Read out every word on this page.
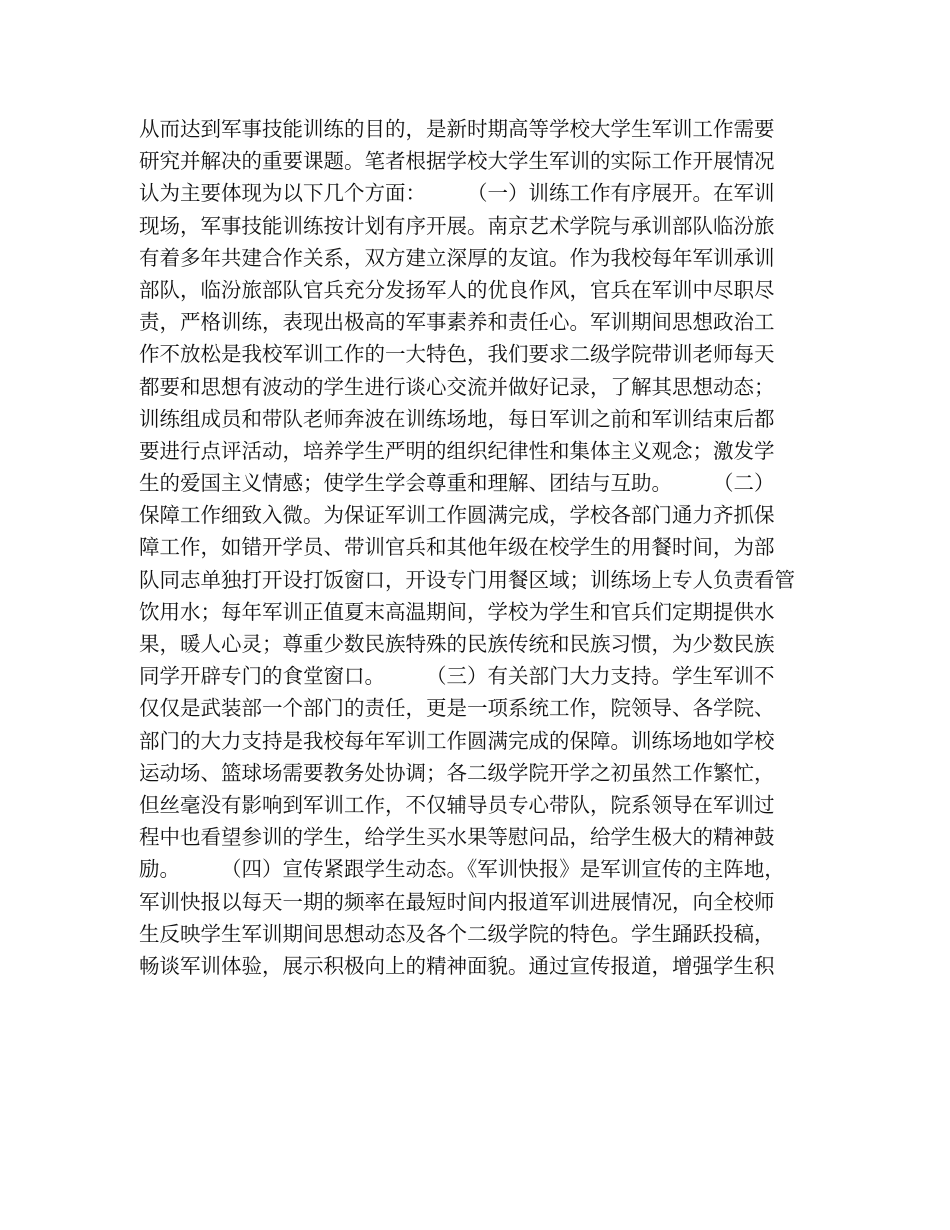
从而达到军事技能训练的目的，是新时期高等学校大学生军训工作需要
研究并解决的重要课题。笔者根据学校大学生军训的实际工作开展情况
认为主要体现为以下几个方面：　　　（一）训练工作有序展开。在军训
现场，军事技能训练按计划有序开展。南京艺术学院与承训部队临汾旅
有着多年共建合作关系，双方建立深厚的友谊。作为我校每年军训承训
部队，临汾旅部队官兵充分发扬军人的优良作风，官兵在军训中尽职尽
责，严格训练，表现出极高的军事素养和责任心。军训期间思想政治工
作不放松是我校军训工作的一大特色，我们要求二级学院带训老师每天
都要和思想有波动的学生进行谈心交流并做好记录，了解其思想动态；
训练组成员和带队老师奔波在训练场地，每日军训之前和军训结束后都
要进行点评活动，培养学生严明的组织纪律性和集体主义观念；激发学
生的爱国主义情感；使学生学会尊重和理解、团结与互助。　　　（二）
保障工作细致入微。为保证军训工作圆满完成，学校各部门通力齐抓保
障工作，如错开学员、带训官兵和其他年级在校学生的用餐时间，为部
队同志单独打开设打饭窗口，开设专门用餐区域；训练场上专人负责看管
饮用水；每年军训正值夏末高温期间，学校为学生和官兵们定期提供水
果，暖人心灵；尊重少数民族特殊的民族传统和民族习惯，为少数民族
同学开辟专门的食堂窗口。　　　（三）有关部门大力支持。学生军训不
仅仅是武装部一个部门的责任，更是一项系统工作，院领导、各学院、
部门的大力支持是我校每年军训工作圆满完成的保障。训练场地如学校
运动场、篮球场需要教务处协调；各二级学院开学之初虽然工作繁忙，
但丝毫没有影响到军训工作，不仅辅导员专心带队，院系领导在军训过
程中也看望参训的学生，给学生买水果等慰问品，给学生极大的精神鼓
励。　　　（四）宣传紧跟学生动态。《军训快报》是军训宣传的主阵地，
军训快报以每天一期的频率在最短时间内报道军训进展情况，向全校师
生反映学生军训期间思想动态及各个二级学院的特色。学生踊跃投稿，
畅谈军训体验，展示积极向上的精神面貌。通过宣传报道，增强学生积
